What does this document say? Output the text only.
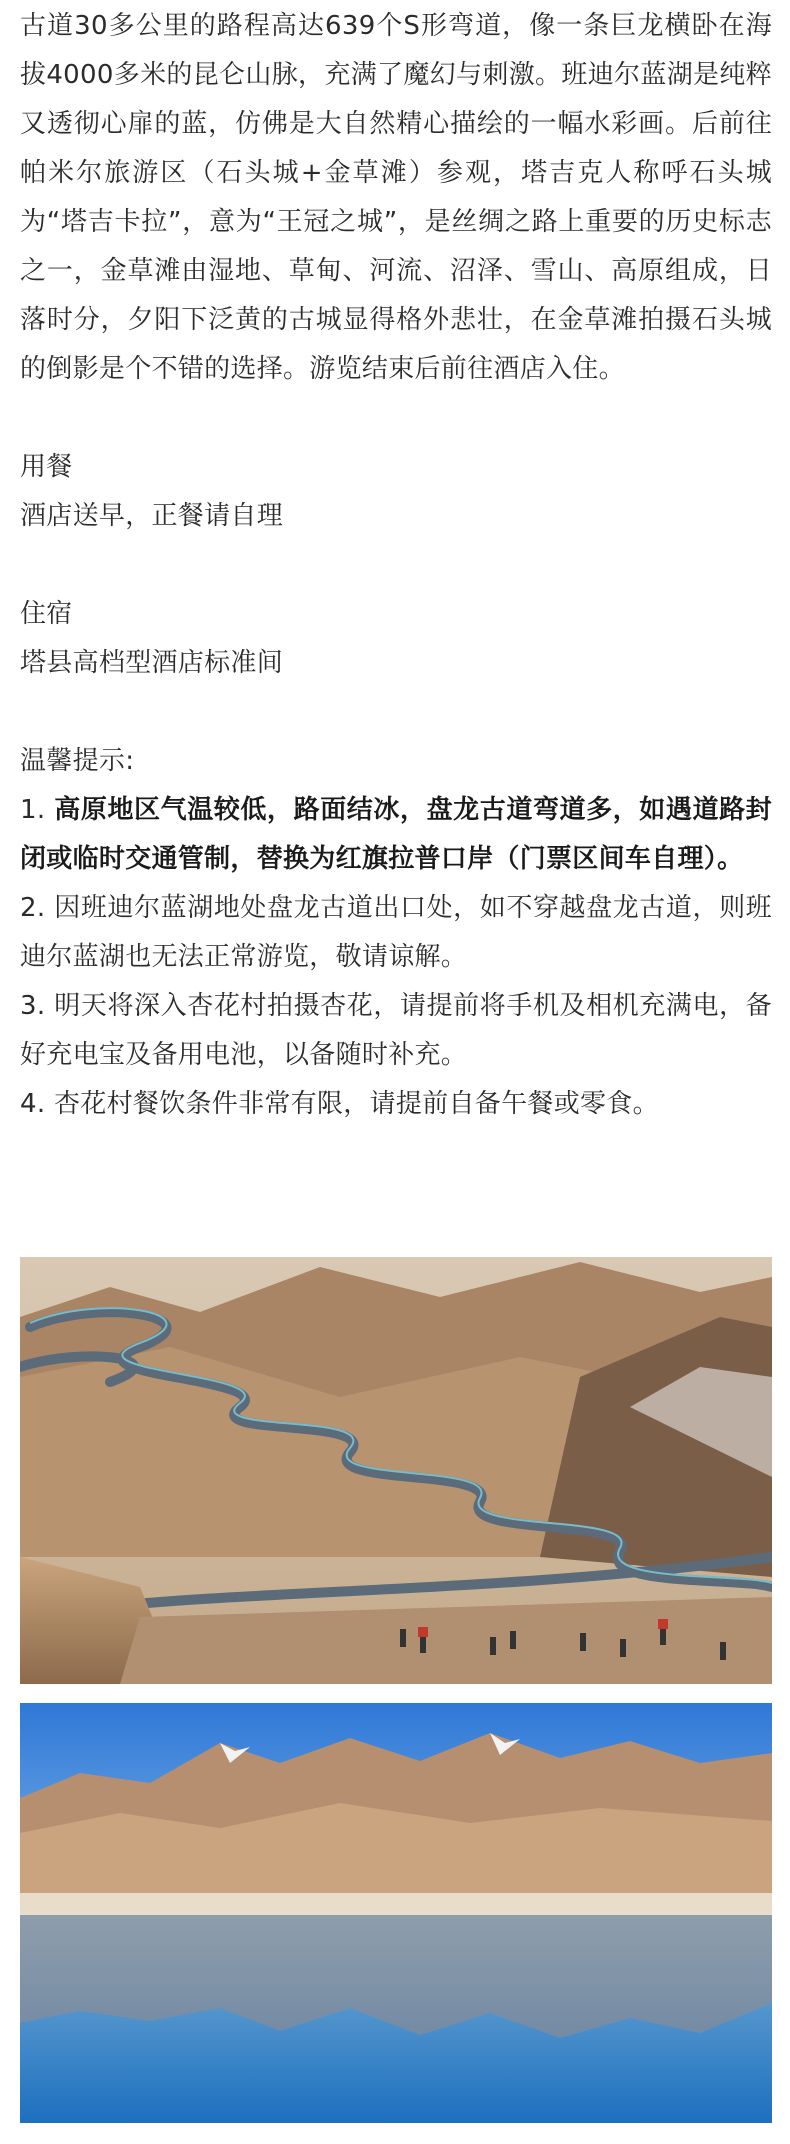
古道30多公里的路程高达639个S形弯道，像一条巨龙横卧在海拔4000多米的昆仑山脉，充满了魔幻与刺激。班迪尔蓝湖是纯粹又透彻心扉的蓝，仿佛是大自然精心描绘的一幅水彩画。后前往帕米尔旅游区（石头城+金草滩）参观，塔吉克人称呼石头城为“塔吉卡拉”，意为“王冠之城”，是丝绸之路上重要的历史标志之一，金草滩由湿地、草甸、河流、沼泽、雪山、高原组成，日落时分，夕阳下泛黄的古城显得格外悲壮，在金草滩拍摄石头城的倒影是个不错的选择。游览结束后前往酒店入住。

用餐

酒店送早，正餐请自理

住宿

塔县高档型酒店标准间

温馨提示:

1. 高原地区气温较低，路面结冰，盘龙古道弯道多，如遇道路封闭或临时交通管制，替换为红旗拉普口岸（门票区间车自理）。

2. 因班迪尔蓝湖地处盘龙古道出口处，如不穿越盘龙古道，则班迪尔蓝湖也无法正常游览，敬请谅解。

3. 明天将深入杏花村拍摄杏花，请提前将手机及相机充满电，备好充电宝及备用电池，以备随时补充。

4. 杏花村餐饮条件非常有限，请提前自备午餐或零食。
